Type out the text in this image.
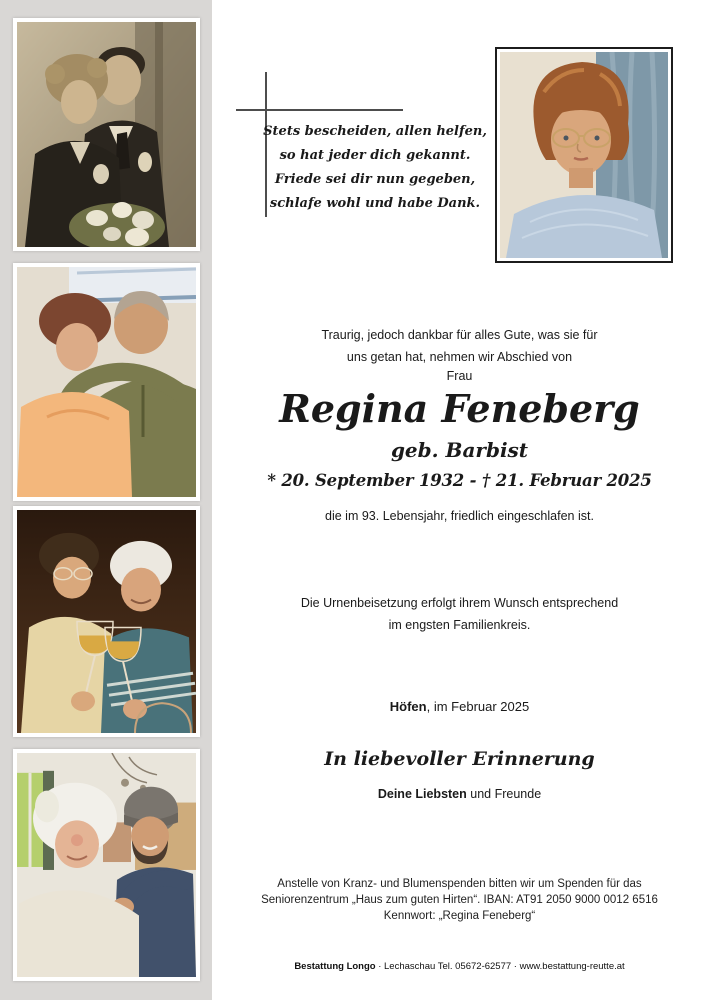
Stets bescheiden, allen helfen,
so hat jeder dich gekannt.
Friede sei dir nun gegeben,
schlafe wohl und habe Dank.
Traurig, jedoch dankbar für alles Gute, was sie für
uns getan hat, nehmen wir Abschied von
Frau
Regina Feneberg
geb. Barbist
* 20. September 1932 - † 21. Februar 2025
die im 93. Lebensjahr, friedlich eingeschlafen ist.
Die Urnenbeisetzung erfolgt ihrem Wunsch entsprechend
im engsten Familienkreis.
Höfen, im Februar 2025
In liebevoller Erinnerung
Deine Liebsten und Freunde
Anstelle von Kranz- und Blumenspenden bitten wir um Spenden für das
Seniorenzentrum „Haus zum guten Hirten“. IBAN: AT91 2050 9000 0012 6516
Kennwort: „Regina Feneberg“
Bestattung Longo · Lechaschau Tel. 05672-62577 · www.bestattung-reutte.at
